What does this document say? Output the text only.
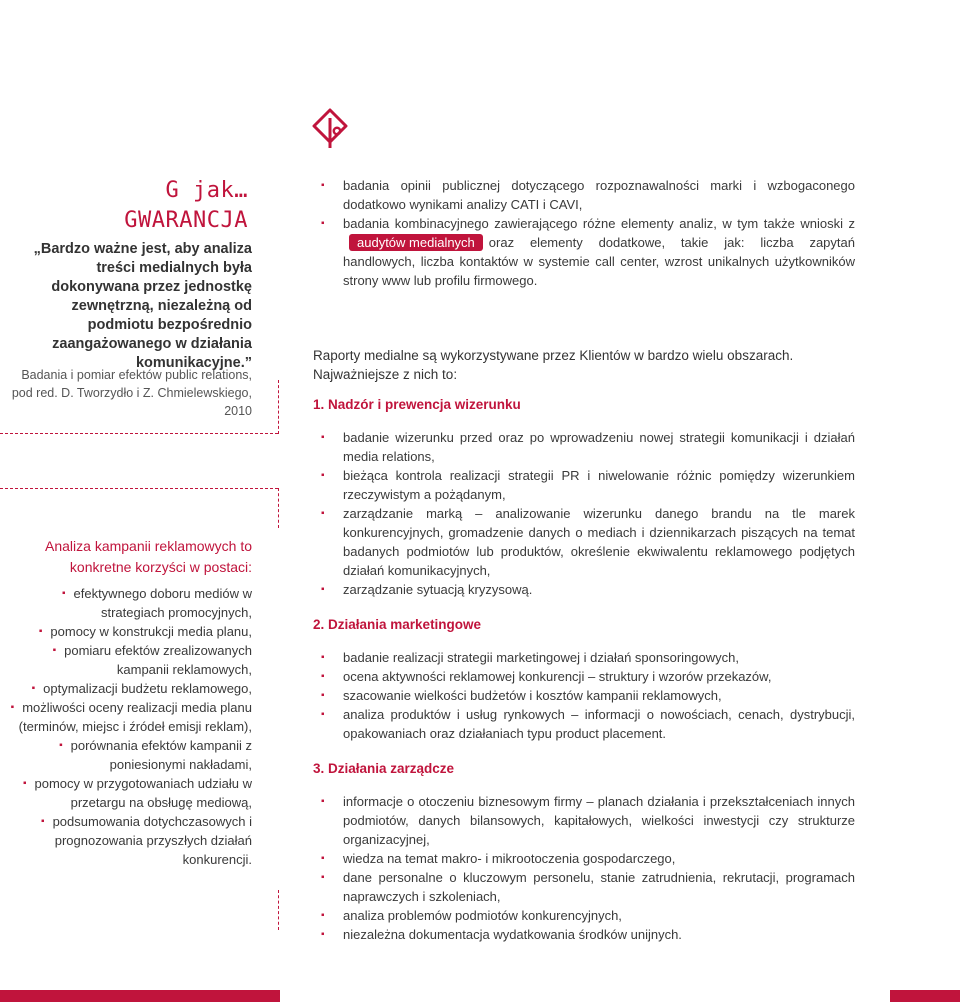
G jak…
GWARANCJA
„Bardzo ważne jest, aby analiza treści medialnych była dokonywana przez jednostkę zewnętrzną, niezależną od podmiotu bezpośrednio zaangażowanego w działania komunikacyjne.”
Badania i pomiar efektów public relations, pod red. D. Tworzydło i Z. Chmielewskiego, 2010
Analiza kampanii reklamowych to konkretne korzyści w postaci:
▪ efektywnego doboru mediów w strategiach promocyjnych,
▪ pomocy w konstrukcji media planu,
▪ pomiaru efektów zrealizowanych kampanii reklamowych,
▪ optymalizacji budżetu reklamowego,
▪ możliwości oceny realizacji media planu (terminów, miejsc i źródeł emisji reklam),
▪ porównania efektów kampanii z poniesionymi nakładami,
▪ pomocy w przygotowaniach udziału w przetargu na obsługę mediową,
▪ podsumowania dotychczasowych i prognozowania przyszłych działań konkurencji.
▪ badania opinii publicznej dotyczącego rozpoznawalności marki i wzbogaconego dodatkowo wynikami analizy CATI i CAVI,
▪ badania kombinacyjnego zawierającego różne elementy analiz, w tym także wnioski zaudytów medialnych oraz elementy dodatkowe, takie jak: liczba zapytań handlowych, liczba kontaktów w systemie call center, wzrost unikalnych użytkowników strony www lub profilu firmowego.
Raporty medialne są wykorzystywane przez Klientów w bardzo wielu obszarach.
Najważniejsze z nich to:
1. Nadzór i prewencja wizerunku
▪ badanie wizerunku przed oraz po wprowadzeniu nowej strategii komunikacji i działań media relations,
▪ bieżąca kontrola realizacji strategii PR i niwelowanie różnic pomiędzy wizerunkiem rzeczywistym a pożądanym,
▪ zarządzanie marką – analizowanie wizerunku danego brandu na tle marek konkurencyjnych, gromadzenie danych o mediach i dziennikarzach piszących na temat badanych podmiotów lub produktów, określenie ekwiwalentu reklamowego podjętych działań komunikacyjnych,
▪ zarządzanie sytuacją kryzysową.
2. Działania marketingowe
▪ badanie realizacji strategii marketingowej i działań sponsoringowych,
▪ ocena aktywności reklamowej konkurencji – struktury i wzorów przekazów,
▪ szacowanie wielkości budżetów i kosztów kampanii reklamowych,
▪ analiza produktów i usług rynkowych – informacji o nowościach, cenach, dystrybucji, opakowaniach oraz działaniach typu product placement.
3. Działania zarządcze
▪ informacje o otoczeniu biznesowym firmy – planach działania i przekształceniach innych podmiotów, danych bilansowych, kapitałowych, wielkości inwestycji czy strukturze organizacyjnej,
▪ wiedza na temat makro- i mikrootoczenia gospodarczego,
▪ dane personalne o kluczowym personelu, stanie zatrudnienia, rekrutacji, programach naprawczych i szkoleniach,
▪ analiza problemów podmiotów konkurencyjnych,
▪ niezależna dokumentacja wydatkowania środków unijnych.
